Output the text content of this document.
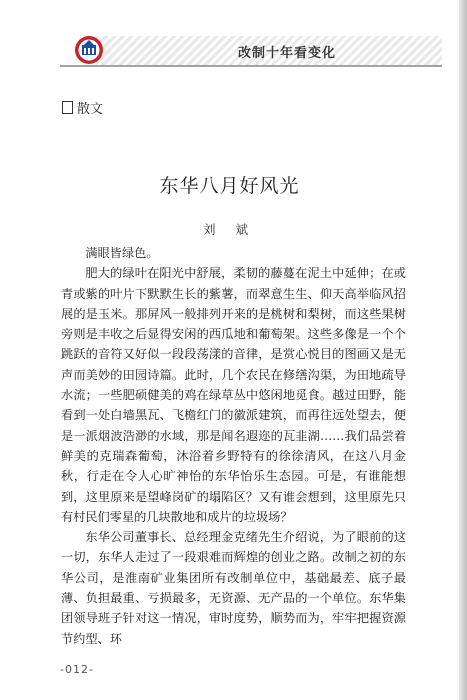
改制十年看变化
散文
东华八月好风光
刘 斌

满眼皆绿色。

肥大的绿叶在阳光中舒展，柔韧的藤蔓在泥土中延伸；在或青或紫的叶片下默默生长的紫薯，而翠意生生、仰天高举临风招展的是玉米。那屏风一般排列开来的是桃树和梨树，而这些果树旁则是丰收之后显得安闲的西瓜地和葡萄架。这些多像是一个个跳跃的音符又好似一段段荡漾的音律，是赏心悦目的图画又是无声而美妙的田园诗篇。此时，几个农民在修缮沟渠，为田地疏导水流；一些肥硕健美的鸡在绿草丛中悠闲地觅食。越过田野，能看到一处白墙黑瓦、飞檐红门的徽派建筑，而再往远处望去，便是一派烟波浩渺的水域，那是闻名遐迩的瓦韭湖……我们品尝着鲜美的克瑞森葡萄，沐浴着乡野特有的徐徐清风，在这八月金秋，行走在令人心旷神怡的东华怡乐生态园。可是，有谁能想到，这里原来是望峰岗矿的塌陷区？又有谁会想到，这里原先只有村民们零星的几块散地和成片的垃圾场？

东华公司董事长、总经理金克绪先生介绍说，为了眼前的这一切，东华人走过了一段艰难而辉煌的创业之路。改制之初的东华公司，是淮南矿业集团所有改制单位中，基础最差、底子最薄、负担最重、亏损最多，无资源、无产品的一个单位。东华集团领导班子针对这一情况，审时度势，顺势而为，牢牢把握资源节约型、环

-012-
